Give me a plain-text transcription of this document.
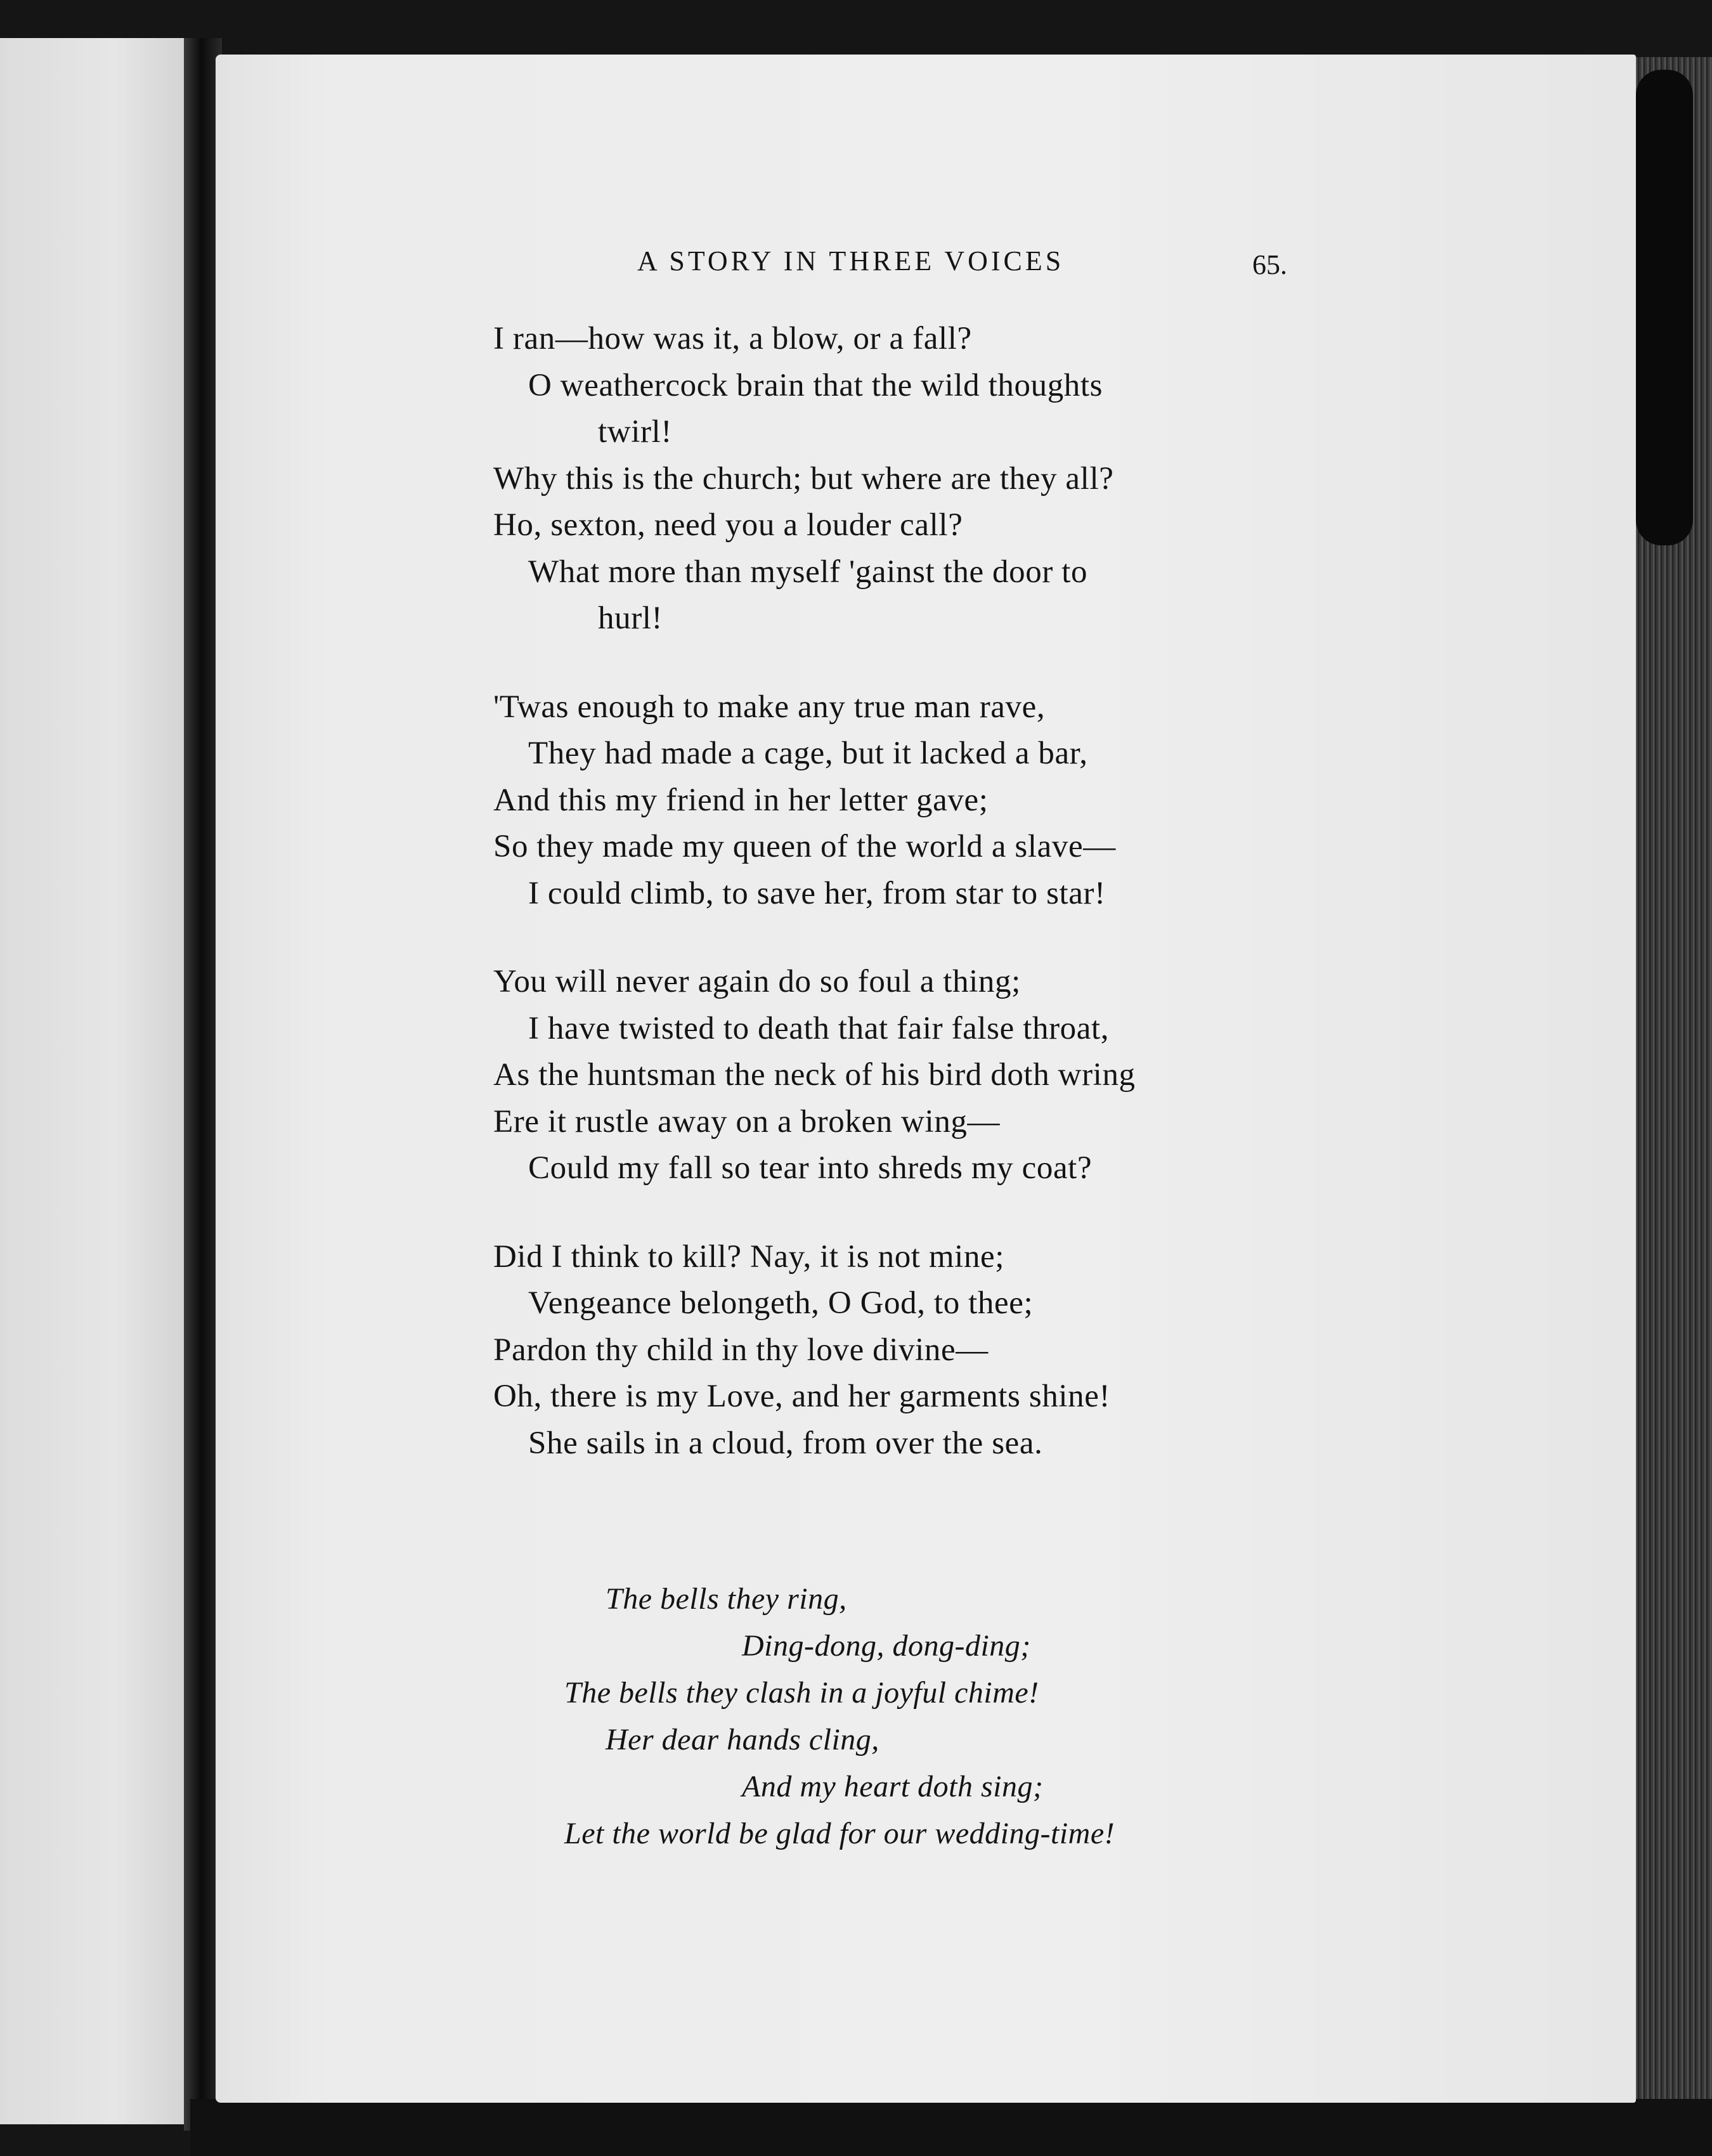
A STORY IN THREE VOICES	65.
I ran—how was it, a blow, or a fall?
O weathercock brain that the wild thoughts
twirl!
Why this is the church; but where are they all?
Ho, sexton, need you a louder call?
What more than myself 'gainst the door to
hurl!
'Twas enough to make any true man rave,
They had made a cage, but it lacked a bar,
And this my friend in her letter gave;
So they made my queen of the world a slave—
I could climb, to save her, from star to star!
You will never again do so foul a thing;
I have twisted to death that fair false throat,
As the huntsman the neck of his bird doth wring
Ere it rustle away on a broken wing—
Could my fall so tear into shreds my coat?
Did I think to kill? Nay, it is not mine;
Vengeance belongeth, O God, to thee;
Pardon thy child in thy love divine—
Oh, there is my Love, and her garments shine!
She sails in a cloud, from over the sea.
The bells they ring,
Ding-dong, dong-ding;
The bells they clash in a joyful chime!
Her dear hands cling,
And my heart doth sing;
Let the world be glad for our wedding-time!
